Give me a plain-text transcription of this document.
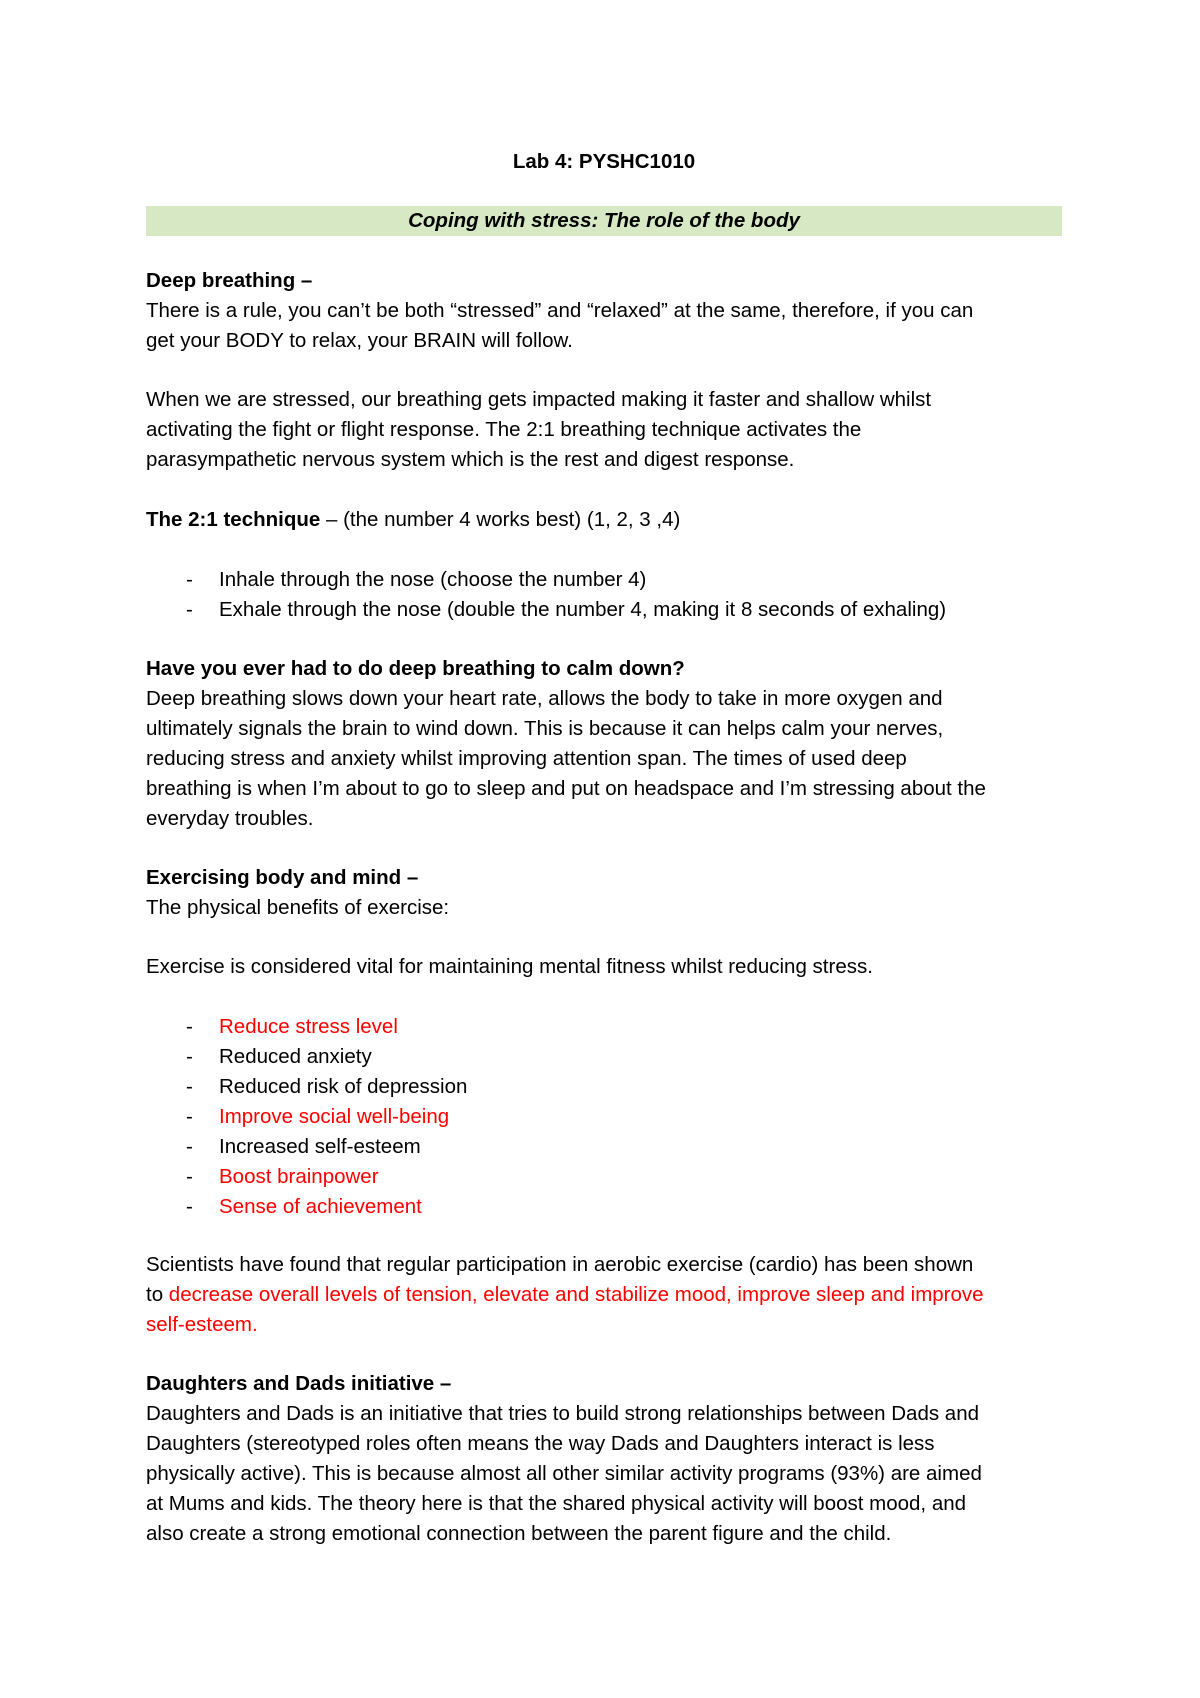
Lab 4: PYSHC1010
Coping with stress: The role of the body
Deep breathing –
There is a rule, you can’t be both “stressed” and “relaxed” at the same, therefore, if you can
get your BODY to relax, your BRAIN will follow.
When we are stressed, our breathing gets impacted making it faster and shallow whilst
activating the fight or flight response. The 2:1 breathing technique activates the
parasympathetic nervous system which is the rest and digest response.
The 2:1 technique – (the number 4 works best) (1, 2, 3 ,4)
- Inhale through the nose (choose the number 4)
- Exhale through the nose (double the number 4, making it 8 seconds of exhaling)
Have you ever had to do deep breathing to calm down?
Deep breathing slows down your heart rate, allows the body to take in more oxygen and
ultimately signals the brain to wind down. This is because it can helps calm your nerves,
reducing stress and anxiety whilst improving attention span. The times of used deep
breathing is when I’m about to go to sleep and put on headspace and I’m stressing about the
everyday troubles.
Exercising body and mind –
The physical benefits of exercise:
Exercise is considered vital for maintaining mental fitness whilst reducing stress.
- Reduce stress level
- Reduced anxiety
- Reduced risk of depression
- Improve social well-being
- Increased self-esteem
- Boost brainpower
- Sense of achievement
Scientists have found that regular participation in aerobic exercise (cardio) has been shown
to decrease overall levels of tension, elevate and stabilize mood, improve sleep and improve
self-esteem.
Daughters and Dads initiative –
Daughters and Dads is an initiative that tries to build strong relationships between Dads and
Daughters (stereotyped roles often means the way Dads and Daughters interact is less
physically active). This is because almost all other similar activity programs (93%) are aimed
at Mums and kids. The theory here is that the shared physical activity will boost mood, and
also create a strong emotional connection between the parent figure and the child.
